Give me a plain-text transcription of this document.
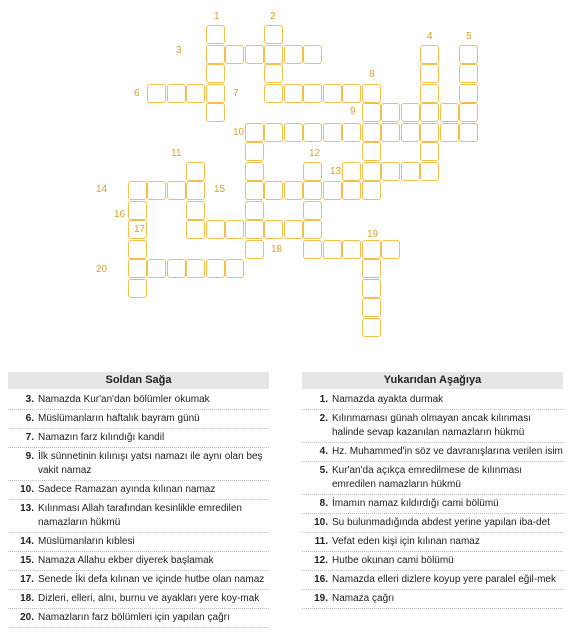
1	2
3
4	5
6	7
8
9
10
11	12
13
14	15
16
17
18
19
20
Soldan Sağa
3. Namazda Kur'an'dan bölümler okumak
6. Müslümanların haftalık bayram günü
7. Namazın farz kılındığı kandil
9. İlk sünnetinin kılınışı yatsı namazı ile aynı olan beş vakit namaz
10. Sadece Ramazan ayında kılınan namaz
13. Kılınması Allah tarafından kesinlikle emredilen namazların hükmü
14. Müslümanların kıblesi
15. Namaza Allahu ekber diyerek başlamak
17. Senede İki defa kılınan ve içinde hutbe olan namaz
18. Dizleri, elleri, alnı, burnu ve ayakları yere koy-mak
20. Namazların farz bölümleri için yapılan çağrı
Yukarıdan Aşağıya
1. Namazda ayakta durmak
2. Kılınmaması günah olmayan ancak kılınması halinde sevap kazanılan namazların hükmü
4. Hz. Muhammed'in söz ve davranışlarına verilen isim
5. Kur'an'da açıkça emredilmese de kılınması emredilen namazların hükmü
8. İmamın namaz kıldırdığı cami bölümü
10. Su bulunmadığında abdest yerine yapılan iba-det
11. Vefat eden kişi için kılınan namaz
12. Hutbe okunan cami bölümü
16. Namazda elleri dizlere koyup yere paralel eğil-mek
19. Namaza çağrı
